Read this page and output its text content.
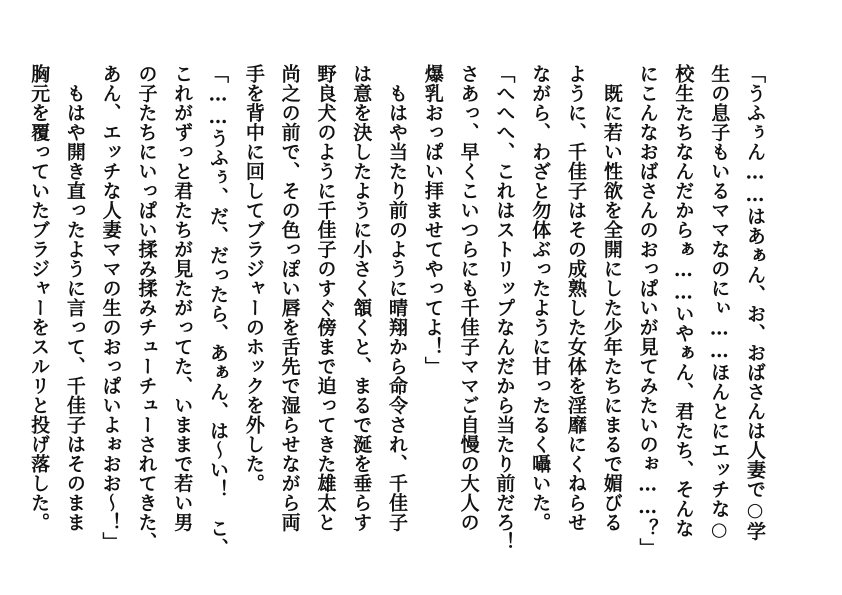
「うふぅん……はあぁん、お、おばさんは人妻で○学
生の息子もいるママなのにぃ……ほんとにエッチな○
校生たちなんだからぁ……いやぁん、君たち、そんな
にこんなおばさんのおっぱいが見てみたいのぉ……？」
　既に若い性欲を全開にした少年たちにまるで媚びる
ように、千佳子はその成熟した女体を淫靡にくねらせ
ながら、わざと勿体ぶったように甘ったるく囁いた。
「へへへ、これはストリップなんだから当たり前だろ！
さあっ、早くこいつらにも千佳子ママご自慢の大人の
爆乳おっぱい拝ませてやってよ！」
　もはや当たり前のように晴翔から命令され、千佳子
は意を決したように小さく頷くと、まるで涎を垂らす
野良犬のように千佳子のすぐ傍まで迫ってきた雄太と
尚之の前で、その色っぽい唇を舌先で湿らせながら両
手を背中に回してブラジャーのホックを外した。
「……うふぅ、だ、だったら、あぁん、は～い！　こ、
これがずっと君たちが見たがってた、いままで若い男
の子たちにいっぱい揉み揉みチューチューされてきた、
あん、エッチな人妻ママの生のおっぱいよぉおお～！」
　もはや開き直ったように言って、千佳子はそのまま
胸元を覆っていたブラジャーをスルリと投げ落した。
